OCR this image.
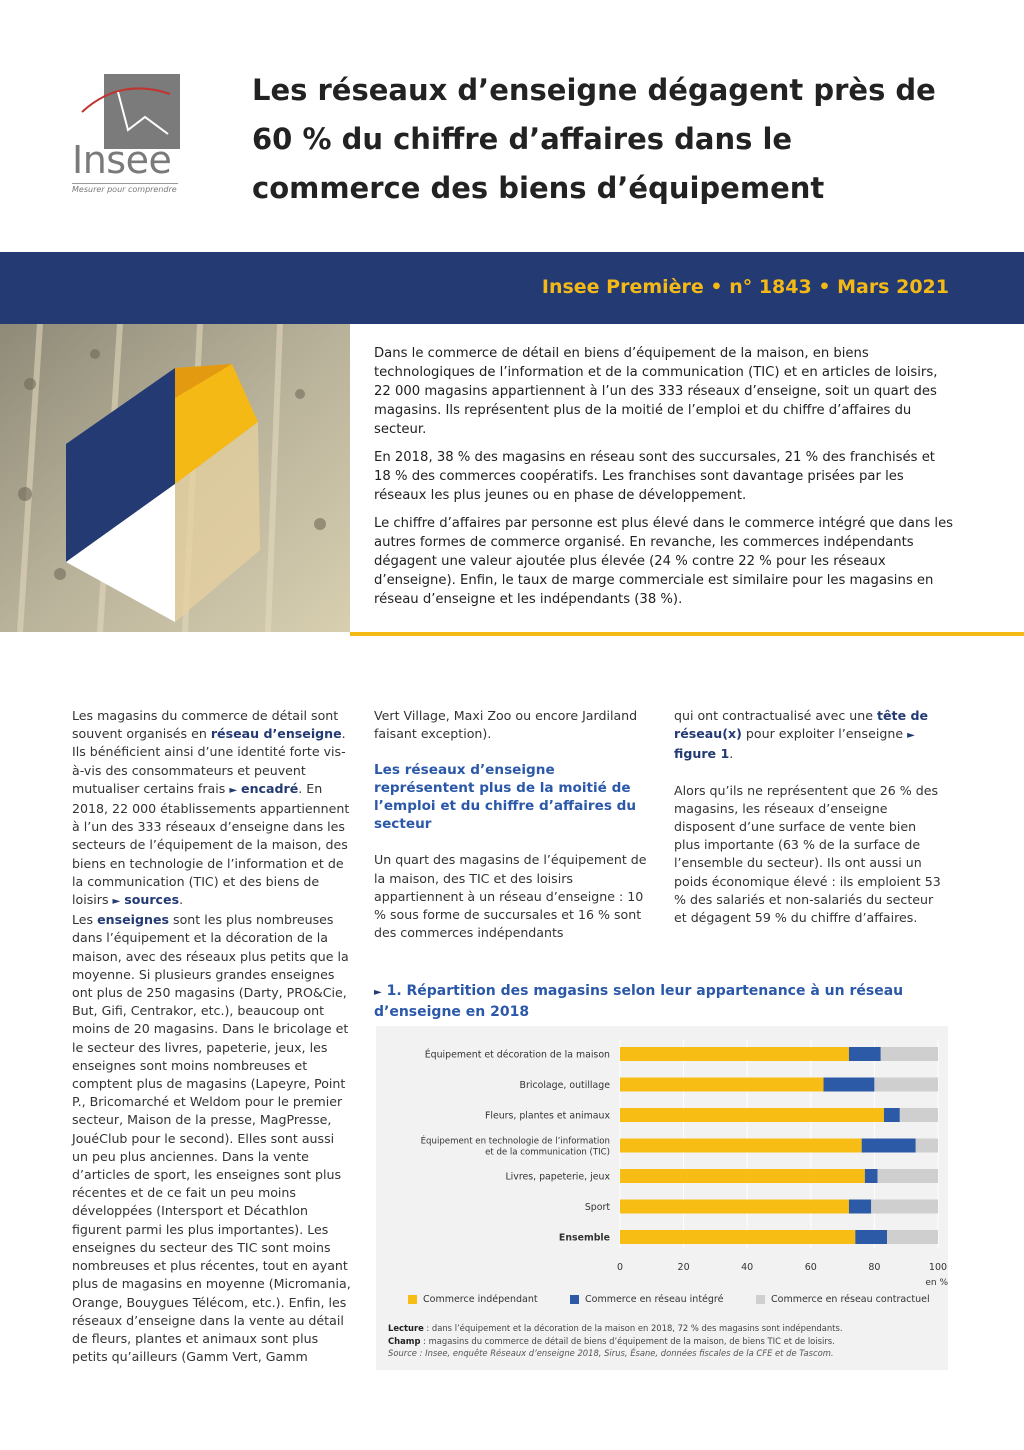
Insee
Mesurer pour comprendre
Les réseaux d’enseigne dégagent près de 60 % du chiffre d’affaires dans le commerce des biens d’équipement
Insee Première • n° 1843 • Mars 2021

Dans le commerce de détail en biens d’équipement de la maison, en biens technologiques de l’information et de la communication (TIC) et en articles de loisirs, 22 000 magasins appartiennent à l’un des 333 réseaux d’enseigne, soit un quart des magasins. Ils représentent plus de la moitié de l’emploi et du chiffre d’affaires du secteur.

En 2018, 38 % des magasins en réseau sont des succursales, 21 % des franchisés et 18 % des commerces coopératifs. Les franchises sont davantage prisées par les réseaux les plus jeunes ou en phase de développement.

Le chiffre d’affaires par personne est plus élevé dans le commerce intégré que dans les autres formes de commerce organisé. En revanche, les commerces indépendants dégagent une valeur ajoutée plus élevée (24 % contre 22 % pour les réseaux d’enseigne). Enfin, le taux de marge commerciale est similaire pour les magasins en réseau d’enseigne et les indépendants (38 %).

Les magasins du commerce de détail sont souvent organisés en réseau d’enseigne. Ils bénéficient ainsi d’une identité forte vis-à-vis des consommateurs et peuvent mutualiser certains frais ► encadré. En 2018, 22 000 établissements appartiennent à l’un des 333 réseaux d’enseigne dans les secteurs de l’équipement de la maison, des biens en technologie de l’information et de la communication (TIC) et des biens de loisirs ► sources.

Les enseignes sont les plus nombreuses dans l’équipement et la décoration de la maison, avec des réseaux plus petits que la moyenne. Si plusieurs grandes enseignes ont plus de 250 magasins (Darty, PRO&Cie, But, Gifi, Centrakor, etc.), beaucoup ont moins de 20 magasins. Dans le bricolage et le secteur des livres, papeterie, jeux, les enseignes sont moins nombreuses et comptent plus de magasins (Lapeyre, Point P., Bricomarché et Weldom pour le premier secteur, Maison de la presse, MagPresse, JouéClub pour le second). Elles sont aussi un peu plus anciennes. Dans la vente d’articles de sport, les enseignes sont plus récentes et de ce fait un peu moins développées (Intersport et Décathlon figurent parmi les plus importantes). Les enseignes du secteur des TIC sont moins nombreuses et plus récentes, tout en ayant plus de magasins en moyenne (Micromania, Orange, Bouygues Télécom, etc.). Enfin, les réseaux d’enseigne dans la vente au détail de fleurs, plantes et animaux sont plus petits qu’ailleurs (Gamm Vert, Gamm

Vert Village, Maxi Zoo ou encore Jardiland faisant exception).

Les réseaux d’enseigne représentent plus de la moitié de l’emploi et du chiffre d’affaires du secteur

Un quart des magasins de l’équipement de la maison, des TIC et des loisirs appartiennent à un réseau d’enseigne : 10 % sous forme de succursales et 16 % sont des commerces indépendants

qui ont contractualisé avec une tête de réseau(x) pour exploiter l’enseigne ► figure 1.

Alors qu’ils ne représentent que 26 % des magasins, les réseaux d’enseigne disposent d’une surface de vente bien plus importante (63 % de la surface de l’ensemble du secteur). Ils ont aussi un poids économique élevé : ils emploient 53 % des salariés et non-salariés du secteur et dégagent 59 % du chiffre d’affaires.

► 1. Répartition des magasins selon leur appartenance à un réseau d’enseigne en 2018
0	20	40	60	80	100
en %
Équipement et décoration de la maison
Bricolage, outillage
Fleurs, plantes et animaux
Équipement en technologie de l’information
et de la communication (TIC)
Livres, papeterie, jeux
Sport
Ensemble
Commerce indépendant	Commerce en réseau intégré	Commerce en réseau contractuel
Lecture : dans l’équipement et la décoration de la maison en 2018, 72 % des magasins sont indépendants.
Champ : magasins du commerce de détail de biens d’équipement de la maison, de biens TIC et de loisirs.
Source : Insee, enquête Réseaux d’enseigne 2018, Sirus, Ésane, données fiscales de la CFE et de Tascom.
